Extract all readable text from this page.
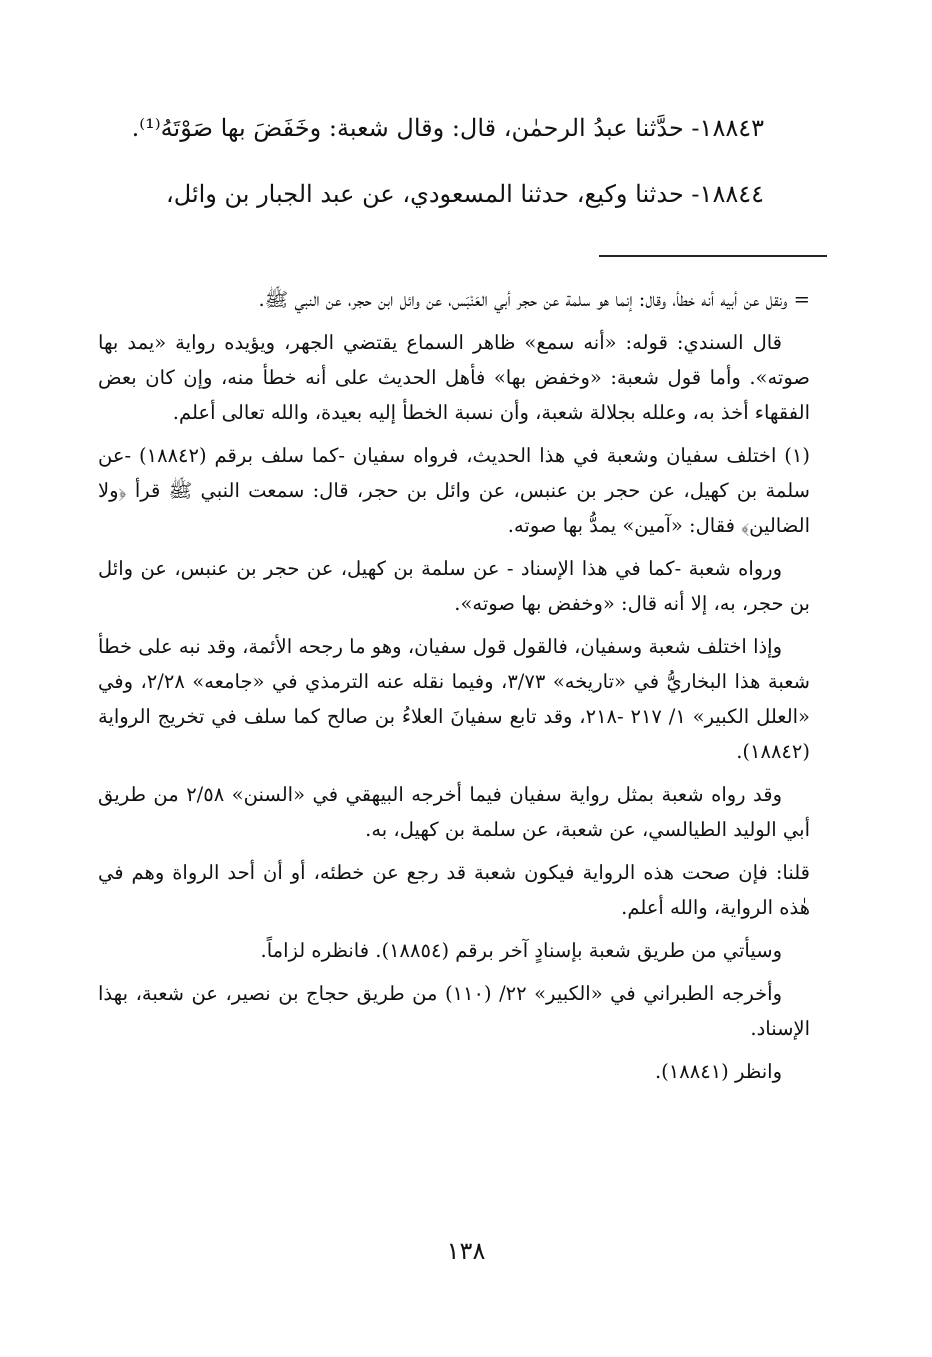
١٨٨٤٣- حدَّثنا عبدُ الرحمٰن، قال: وقال شعبة: وخَفَضَ بها صَوْتَهُ⁽¹⁾.

١٨٨٤٤- حدثنا وكيع، حدثنا المسعودي، عن عبد الجبار بن وائل،

= ونقل عن أبيه أنه خطأ، وقال: إنما هو سلمة عن حجر أبي العَنْبَس، عن وائل ابن حجر، عن النبي ﷺ.

قال السندي: قوله: «أنه سمع» ظاهر السماع يقتضي الجهر، ويؤيده رواية «يمد بها صوته». وأما قول شعبة: «وخفض بها» فأهل الحديث على أنه خطأ منه، وإن كان بعض الفقهاء أخذ به، وعلله بجلالة شعبة، وأن نسبة الخطأ إليه بعيدة، والله تعالى أعلم.

(١) اختلف سفيان وشعبة في هذا الحديث، فرواه سفيان -كما سلف برقم (١٨٨٤٢) -عن سلمة بن كهيل، عن حجر بن عنبس، عن وائل بن حجر، قال: سمعت النبي ﷺ قرأ ﴿ولا الضالين﴾ فقال: «آمين» يمدُّ بها صوته.

ورواه شعبة -كما في هذا الإسناد - عن سلمة بن كهيل، عن حجر بن عنبس، عن وائل بن حجر، به، إلا أنه قال: «وخفض بها صوته».

وإذا اختلف شعبة وسفيان، فالقول قول سفيان، وهو ما رجحه الأئمة، وقد نبه على خطأ شعبة هذا البخاريُّ في «تاريخه» ٣/٧٣، وفيما نقله عنه الترمذي في «جامعه» ٢/٢٨، وفي «العلل الكبير» ١/ ٢١٧ -٢١٨، وقد تابع سفيانَ العلاءُ بن صالح كما سلف في تخريج الرواية (١٨٨٤٢).

وقد رواه شعبة بمثل رواية سفيان فيما أخرجه البيهقي في «السنن» ٢/٥٨ من طريق أبي الوليد الطيالسي، عن شعبة، عن سلمة بن كهيل، به.

قلنا: فإن صحت هذه الرواية فيكون شعبة قد رجع عن خطئه، أو أن أحد الرواة وهم في هٰذه الرواية، والله أعلم.

وسيأتي من طريق شعبة بإسنادٍ آخر برقم (١٨٨٥٤). فانظره لزاماً.

وأخرجه الطبراني في «الكبير» ٢٢/ (١١٠) من طريق حجاج بن نصير، عن شعبة، بهذا الإسناد.

وانظر (١٨٨٤١).

١٣٨
